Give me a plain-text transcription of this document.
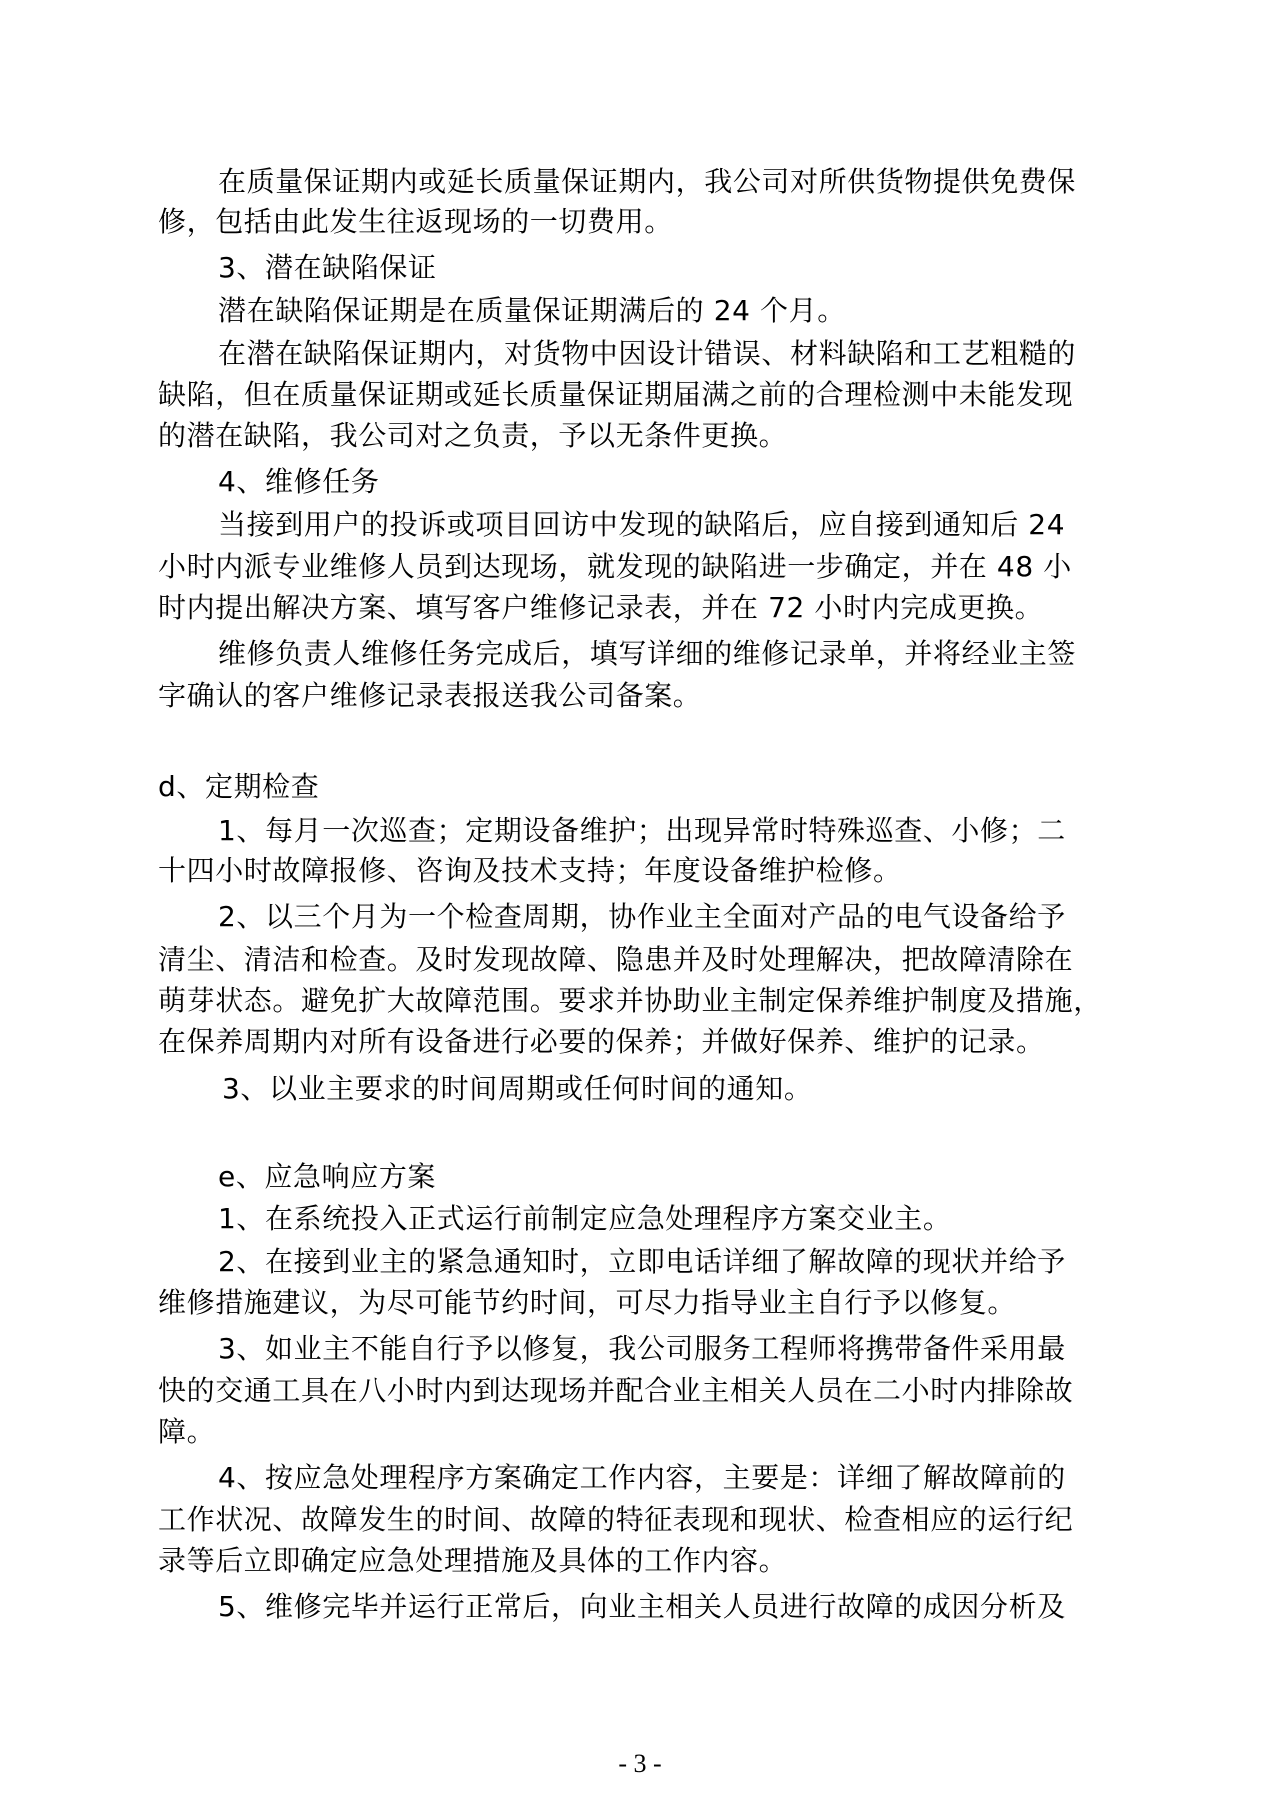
在质量保证期内或延长质量保证期内，我公司对所供货物提供免费保
修，包括由此发生往返现场的一切费用。
3、潜在缺陷保证
潜在缺陷保证期是在质量保证期满后的 24 个月。
在潜在缺陷保证期内，对货物中因设计错误、材料缺陷和工艺粗糙的
缺陷，但在质量保证期或延长质量保证期届满之前的合理检测中未能发现
的潜在缺陷，我公司对之负责，予以无条件更换。
4、维修任务
当接到用户的投诉或项目回访中发现的缺陷后，应自接到通知后 24
小时内派专业维修人员到达现场，就发现的缺陷进一步确定，并在 48 小
时内提出解决方案、填写客户维修记录表，并在 72 小时内完成更换。
维修负责人维修任务完成后，填写详细的维修记录单，并将经业主签
字确认的客户维修记录表报送我公司备案。
d、定期检查
1、每月一次巡查；定期设备维护；出现异常时特殊巡查、小修；二
十四小时故障报修、咨询及技术支持；年度设备维护检修。
2、以三个月为一个检查周期，协作业主全面对产品的电气设备给予
清尘、清洁和检查。及时发现故障、隐患并及时处理解决，把故障清除在
萌芽状态。避免扩大故障范围。要求并协助业主制定保养维护制度及措施，
在保养周期内对所有设备进行必要的保养；并做好保养、维护的记录。
3、以业主要求的时间周期或任何时间的通知。
e、应急响应方案
1、在系统投入正式运行前制定应急处理程序方案交业主。
2、在接到业主的紧急通知时，立即电话详细了解故障的现状并给予
维修措施建议，为尽可能节约时间，可尽力指导业主自行予以修复。
3、如业主不能自行予以修复，我公司服务工程师将携带备件采用最
快的交通工具在八小时内到达现场并配合业主相关人员在二小时内排除故
障。
4、按应急处理程序方案确定工作内容，主要是：详细了解故障前的
工作状况、故障发生的时间、故障的特征表现和现状、检查相应的运行纪
录等后立即确定应急处理措施及具体的工作内容。
5、维修完毕并运行正常后，向业主相关人员进行故障的成因分析及
- 3 -
